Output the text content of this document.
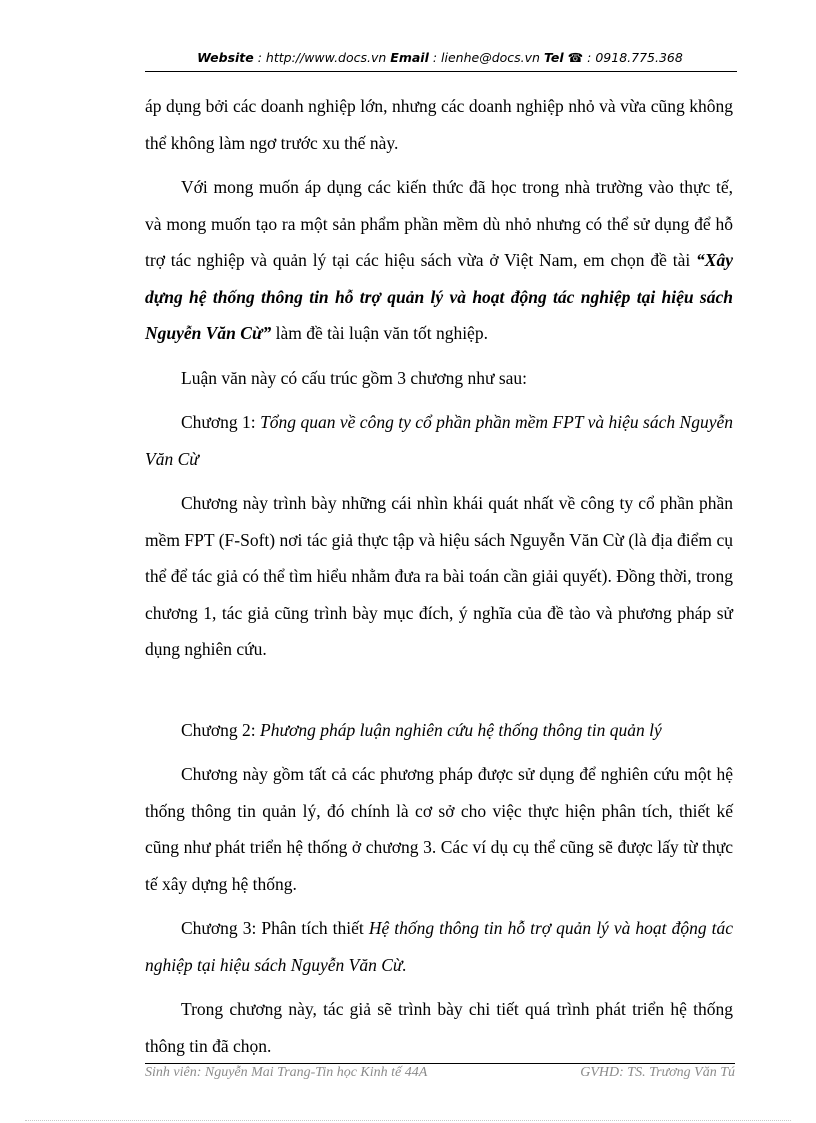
Website : http://www.docs.vn Email : lienhe@docs.vn Tel ☎ : 0918.775.368

áp dụng bởi các doanh nghiệp lớn, nhưng các doanh nghiệp nhỏ và vừa cũng không thể không làm ngơ trước xu thế này.

Với mong muốn áp dụng các kiến thức đã học trong nhà trường vào thực tế, và mong muốn tạo ra một sản phẩm phần mềm dù nhỏ nhưng có thể sử dụng để hỗ trợ tác nghiệp và quản lý tại các hiệu sách vừa ở Việt Nam, em chọn đề tài “Xây dựng hệ thống thông tin hỗ trợ quản lý và hoạt động tác nghiệp tại hiệu sách Nguyễn Văn Cừ” làm đề tài luận văn tốt nghiệp.

Luận văn này có cấu trúc gồm 3 chương như sau:

Chương 1: Tổng quan về công ty cổ phần phần mềm FPT và hiệu sách Nguyễn Văn Cừ

Chương này trình bày những cái nhìn khái quát nhất về công ty cổ phần phần mềm FPT (F-Soft) nơi tác giả thực tập và hiệu sách Nguyễn Văn Cừ (là địa điểm cụ thể để tác giả có thể tìm hiểu nhằm đưa ra bài toán cần giải quyết). Đồng thời, trong chương 1, tác giả cũng trình bày mục đích, ý nghĩa của đề tào và phương pháp sử dụng nghiên cứu.

Chương 2: Phương pháp luận nghiên cứu hệ thống thông tin quản lý

Chương này gồm tất cả các phương pháp được sử dụng để nghiên cứu một hệ thống thông tin quản lý, đó chính là cơ sở cho việc thực hiện phân tích, thiết kế cũng như phát triển hệ thống ở chương 3. Các ví dụ cụ thể cũng sẽ được lấy từ thực tế xây dựng hệ thống.

Chương 3: Phân tích thiết Hệ thống thông tin hỗ trợ quản lý và hoạt động tác nghiệp tại hiệu sách Nguyễn Văn Cừ.

Trong chương này, tác giả sẽ trình bày chi tiết quá trình phát triển hệ thống thông tin đã chọn.

Sinh viên: Nguyễn Mai Trang-Tin học Kinh tế 44A	GVHD: TS. Trương Văn Tú
